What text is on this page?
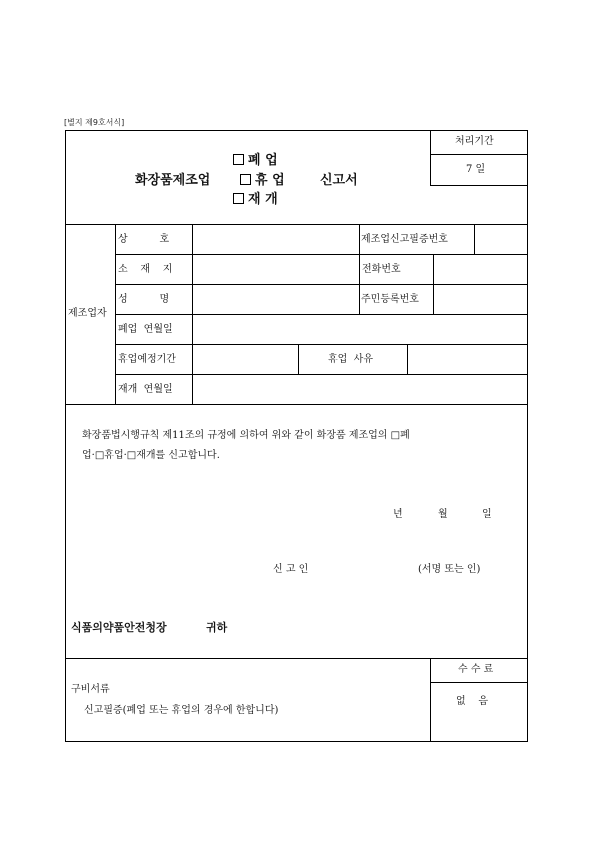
[별지 제9호서식]
폐 업
화장품제조업	휴 업	신고서
재 개
처리기간
7 일
제조업자
상          호	제조업신고필증번호
소    재    지	전화번호
성          명	주민등록번호
폐업  연월일
휴업예정기간	휴업  사유
재개  연월일
화장품법시행규칙 제11조의 규정에 의하여 위와 같이 화장품 제조업의 □폐
업·□휴업·□재개를 신고합니다.
년	월	일
신 고 인	(서명 또는 인)
식품의약품안전청장	귀하
구비서류
신고필증(폐업 또는 휴업의 경우에 한합니다)
수 수 료
없    음
